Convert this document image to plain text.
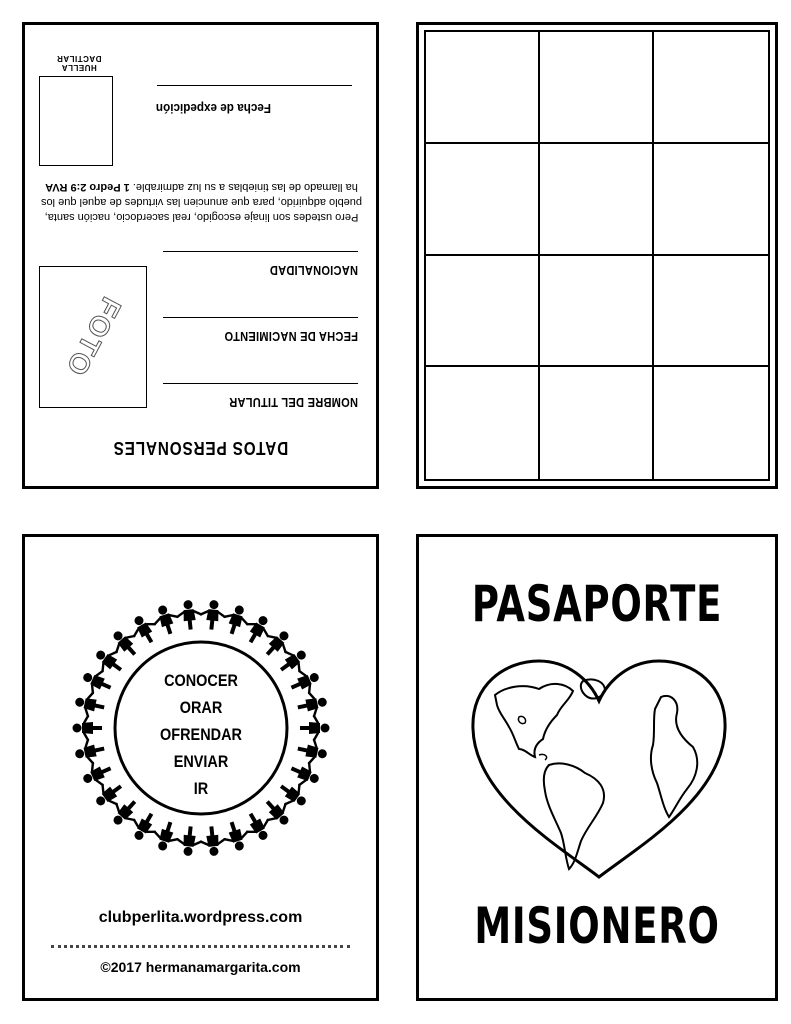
DATOS PERSONALES
NOMBRE DEL TITULAR
FECHA DE NACIMIENTO
NACIONALIDAD
FOTO
Pero ustedes son linaje escogido, real sacerdocio, nación santa, pueblo adquirido, para que anuncien las virtudes de aquel que los ha llamado de las tinieblas a su luz admirable. 1 Pedro 2:9 RVA
Fecha de expedición
HUELLA DACTILAR
CONOCER
ORAR
OFRENDAR
ENVIAR
IR
clubperlita.wordpress.com
©2017 hermanamargarita.com
PASAPORTE
MISIONERO
